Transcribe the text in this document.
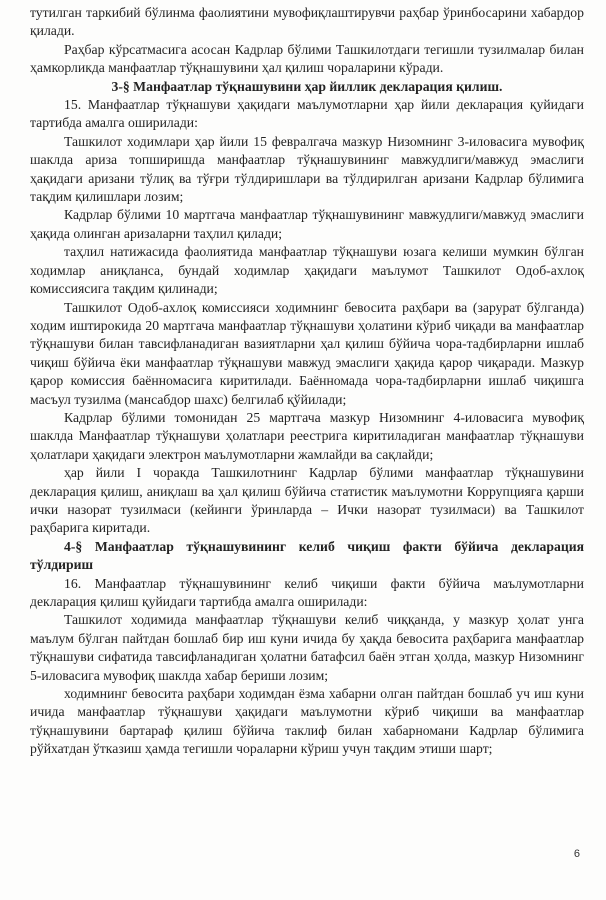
тутилган таркибий бўлинма фаолиятини мувофиқлаштирувчи раҳбар ўринбосарини хабардор қилади.

Раҳбар кўрсатмасига асосан Кадрлар бўлими Ташкилотдаги тегишли тузилмалар билан ҳамкорликда манфаатлар тўқнашувини ҳал қилиш чораларини кўради.

3-§ Манфаатлар тўқнашувини ҳар йиллик декларация қилиш.

15. Манфаатлар тўқнашуви ҳақидаги маълумотларни ҳар йили декларация қуйидаги тартибда амалга оширилади:

Ташкилот ходимлари ҳар йили 15 февралгача мазкур Низомнинг 3-иловасига мувофиқ шаклда ариза топширишда манфаатлар тўқнашувининг мавжудлиги/мавжуд эмаслиги ҳақидаги аризани тўлиқ ва тўғри тўлдиришлари ва тўлдирилган аризани Кадрлар бўлимига тақдим қилишлари лозим;

Кадрлар бўлими 10 мартгача манфаатлар тўқнашувининг мавжудлиги/мавжуд эмаслиги ҳақида олинган аризаларни таҳлил қилади;

таҳлил натижасида фаолиятида манфаатлар тўқнашуви юзага келиши мумкин бўлган ходимлар аниқланса, бундай ходимлар ҳақидаги маълумот Ташкилот Одоб-ахлоқ комиссиясига тақдим қилинади;

Ташкилот Одоб-ахлоқ комиссияси ходимнинг бевосита раҳбари ва (зарурат бўлганда) ходим иштирокида 20 мартгача манфаатлар тўқнашуви ҳолатини кўриб чиқади ва манфаатлар тўқнашуви билан тавсифланадиган вазиятларни ҳал қилиш бўйича чора-тадбирларни ишлаб чиқиш бўйича ёки манфаатлар тўқнашуви мавжуд эмаслиги ҳақида қарор чиқаради. Мазкур қарор комиссия баённомасига киритилади. Баённомада чора-тадбирларни ишлаб чиқишга масъул тузилма (мансабдор шахс) белгилаб қўйилади;

Кадрлар бўлими томонидан 25 мартгача мазкур Низомнинг 4-иловасига мувофиқ шаклда Манфаатлар тўқнашуви ҳолатлари реестрига киритиладиган манфаатлар тўқнашуви ҳолатлари ҳақидаги электрон маълумотларни жамлайди ва сақлайди;

ҳар йили I чоракда Ташкилотнинг Кадрлар бўлими манфаатлар тўқнашувини декларация қилиш, аниқлаш ва ҳал қилиш бўйича статистик маълумотни Коррупцияга қарши ички назорат тузилмаси (кейинги ўринларда – Ички назорат тузилмаси) ва Ташкилот раҳбарига киритади.

4-§ Манфаатлар тўқнашувининг келиб чиқиш факти бўйича декларация тўлдириш

16. Манфаатлар тўқнашувининг келиб чиқиши факти бўйича маълумотларни декларация қилиш қуйидаги тартибда амалга оширилади:

Ташкилот ходимида манфаатлар тўқнашуви келиб чиққанда, у мазкур ҳолат унга маълум бўлган пайтдан бошлаб бир иш куни ичида бу ҳақда бевосита раҳбарига манфаатлар тўқнашуви сифатида тавсифланадиган ҳолатни батафсил баён этган ҳолда, мазкур Низомнинг 5-иловасига мувофиқ шаклда хабар бериши лозим;

ходимнинг бевосита раҳбари ходимдан ёзма хабарни олган пайтдан бошлаб уч иш куни ичида манфаатлар тўқнашуви ҳақидаги маълумотни кўриб чиқиши ва манфаатлар тўқнашувини бартараф қилиш бўйича таклиф билан хабарномани Кадрлар бўлимига рўйхатдан ўтказиш ҳамда тегишли чораларни кўриш учун тақдим этиши шарт;

6
